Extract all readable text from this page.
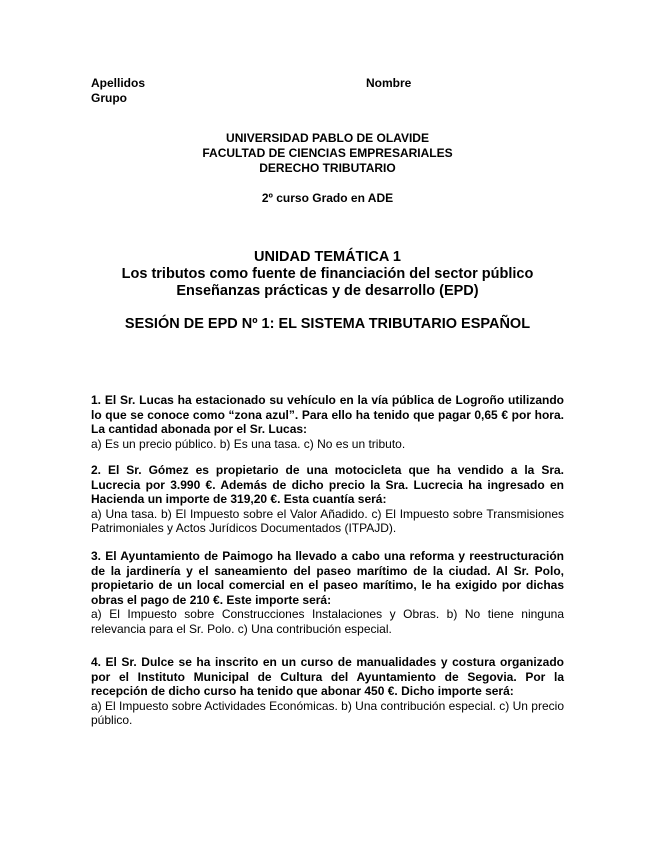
Apellidos	Nombre
Grupo
UNIVERSIDAD PABLO DE OLAVIDE
FACULTAD DE CIENCIAS EMPRESARIALES
DERECHO TRIBUTARIO
2º curso Grado en ADE
UNIDAD TEMÁTICA 1
Los tributos como fuente de financiación del sector público
Enseñanzas prácticas y de desarrollo (EPD)
SESIÓN DE EPD Nº 1: EL SISTEMA TRIBUTARIO ESPAÑOL
1. El Sr. Lucas ha estacionado su vehículo en la vía pública de Logroño utilizando lo que se conoce como “zona azul”. Para ello ha tenido que pagar 0,65 € por hora. La cantidad abonada por el Sr. Lucas:
a) Es un precio público. b) Es una tasa. c) No es un tributo.
2. El Sr. Gómez es propietario de una motocicleta que ha vendido a la Sra. Lucrecia por 3.990 €. Además de dicho precio la Sra. Lucrecia ha ingresado en Hacienda un importe de 319,20 €. Esta cuantía será:
a) Una tasa. b) El Impuesto sobre el Valor Añadido. c) El Impuesto sobre Transmisiones Patrimoniales y Actos Jurídicos Documentados (ITPAJD).
3. El Ayuntamiento de Paimogo ha llevado a cabo una reforma y reestructuración de la jardinería y el saneamiento del paseo marítimo de la ciudad. Al Sr. Polo, propietario de un local comercial en el paseo marítimo, le ha exigido por dichas obras el pago de 210 €. Este importe será:
a) El Impuesto sobre Construcciones Instalaciones y Obras. b) No tiene ninguna relevancia para el Sr. Polo. c) Una contribución especial.
4. El Sr. Dulce se ha inscrito en un curso de manualidades y costura organizado por el Instituto Municipal de Cultura del Ayuntamiento de Segovia. Por la recepción de dicho curso ha tenido que abonar 450 €. Dicho importe será:
a) El Impuesto sobre Actividades Económicas. b) Una contribución especial. c) Un precio público.
